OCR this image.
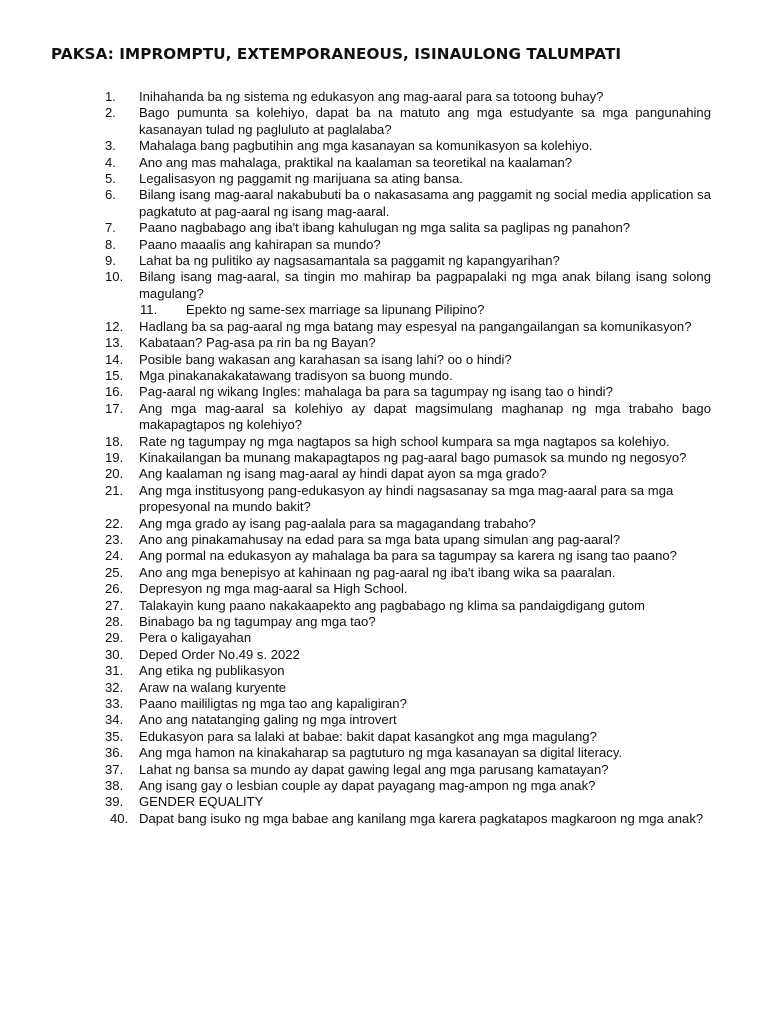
PAKSA: IMPROMPTU, EXTEMPORANEOUS, ISINAULONG TALUMPATI
1.	Inihahanda ba ng sistema ng edukasyon ang mag-aaral para sa totoong buhay?
2.	Bago pumunta sa kolehiyo, dapat ba na matuto ang mga estudyante sa mga pangunahing kasanayan tulad ng pagluluto at paglalaba?
3.	Mahalaga bang pagbutihin ang mga kasanayan sa komunikasyon sa kolehiyo.
4.	Ano ang mas mahalaga, praktikal na kaalaman sa teoretikal na kaalaman?
5.	Legalisasyon ng paggamit ng marijuana sa ating bansa.
6.	Bilang isang mag-aaral nakabubuti ba o nakasasama ang paggamit ng social media application sa pagkatuto at pag-aaral ng isang mag-aaral.
7.	Paano nagbabago ang iba't ibang kahulugan ng mga salita sa paglipas ng panahon?
8.	Paano maaalis ang kahirapan sa mundo?
9.	Lahat ba ng pulitiko ay nagsasamantala sa paggamit ng kapangyarihan?
10.	Bilang isang mag-aaral, sa tingin mo mahirap ba pagpapalaki ng mga anak bilang isang solong magulang?
11.	Epekto ng same-sex marriage sa lipunang Pilipino?
12.	Hadlang ba sa pag-aaral ng mga batang may espesyal na pangangailangan sa komunikasyon?
13.	Kabataan? Pag-asa pa rin ba ng Bayan?
14.	Posible bang wakasan ang karahasan sa isang lahi? oo o hindi?
15.	Mga pinakanakakatawang tradisyon sa buong mundo.
16.	Pag-aaral ng wikang Ingles: mahalaga ba para sa tagumpay ng isang tao o hindi?
17.	Ang mga mag-aaral sa kolehiyo ay dapat magsimulang maghanap ng mga trabaho bago makapagtapos ng kolehiyo?
18.	Rate ng tagumpay ng mga nagtapos sa high school kumpara sa mga nagtapos sa kolehiyo.
19.	Kinakailangan ba munang makapagtapos ng pag-aaral bago pumasok sa mundo ng negosyo?
20.	Ang kaalaman ng isang mag-aaral ay hindi dapat ayon sa mga grado?
21.	Ang mga institusyong pang-edukasyon ay hindi nagsasanay sa mga mag-aaral para sa mga propesyonal na mundo bakit?
22.	Ang mga grado ay isang pag-aalala para sa magagandang trabaho?
23.	Ano ang pinakamahusay na edad para sa mga bata upang simulan ang pag-aaral?
24.	Ang pormal na edukasyon ay mahalaga ba para sa tagumpay sa karera ng isang tao paano?
25.	Ano ang mga benepisyo at kahinaan ng pag-aaral ng iba't ibang wika sa paaralan.
26.	Depresyon ng mga mag-aaral sa High School.
27.	Talakayin kung paano nakakaapekto ang pagbabago ng klima sa pandaigdigang gutom
28.	Binabago ba ng tagumpay ang mga tao?
29.	Pera o kaligayahan
30.	Deped Order No.49 s. 2022
31.	Ang etika ng publikasyon
32.	Araw na walang kuryente
33.	Paano maililigtas ng mga tao ang kapaligiran?
34.	Ano ang natatanging galing ng mga introvert
35.	Edukasyon para sa lalaki at babae: bakit dapat kasangkot ang mga magulang?
36.	Ang mga hamon na kinakaharap sa pagtuturo ng mga kasanayan sa digital literacy.
37.	Lahat ng bansa sa mundo ay dapat gawing legal ang mga parusang kamatayan?
38.	Ang isang gay o lesbian couple ay dapat payagang mag-ampon ng mga anak?
39.	GENDER EQUALITY
40. Dapat bang isuko ng mga babae ang kanilang mga karera pagkatapos magkaroon ng mga anak?
